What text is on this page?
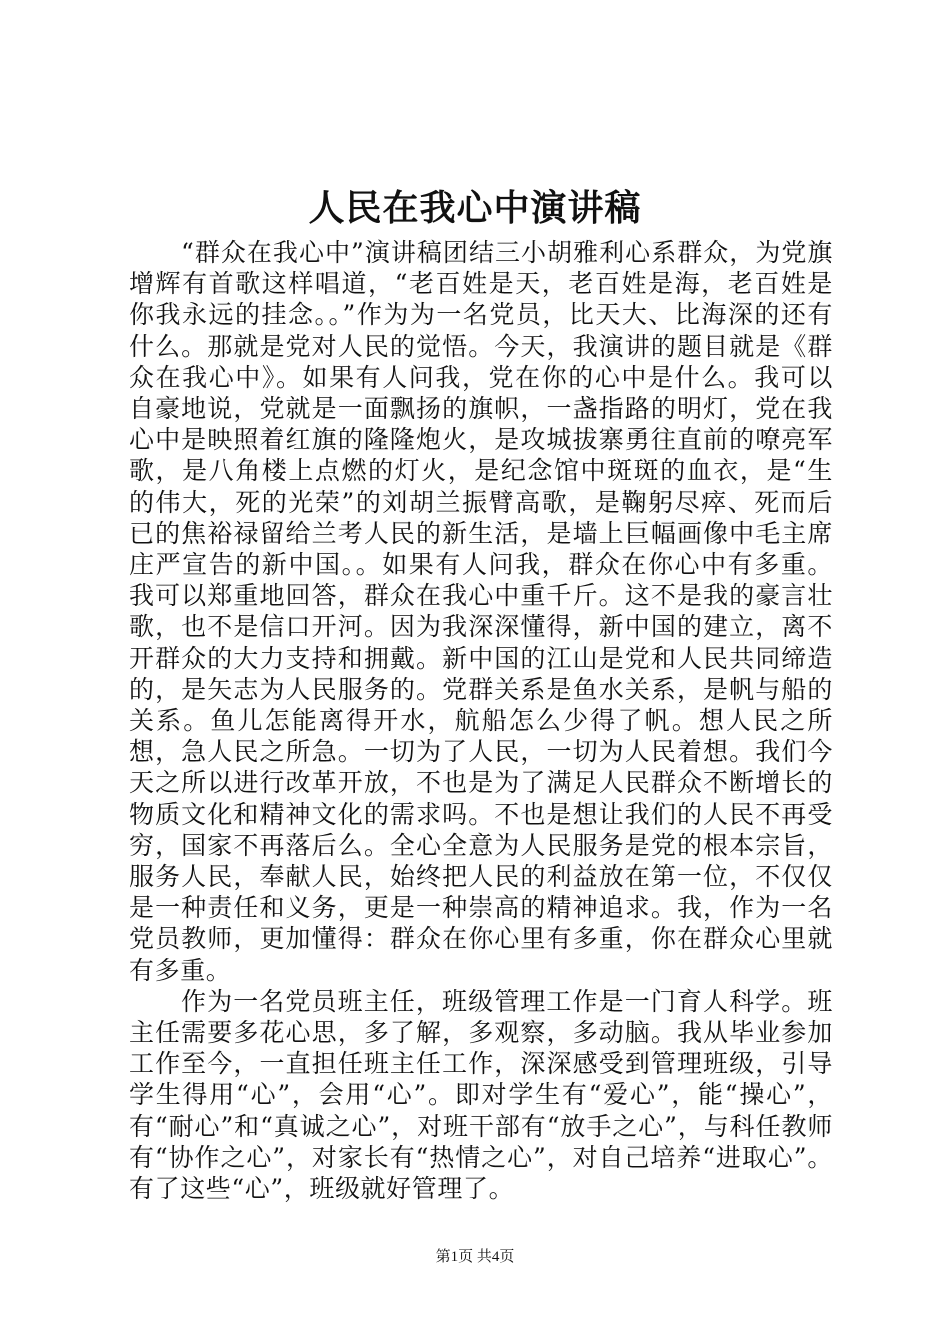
人民在我心中演讲稿

“群众在我心中”演讲稿团结三小胡雅利心系群众，为党旗增辉有首歌这样唱道，“老百姓是天，老百姓是海，老百姓是你我永远的挂念。。”作为为一名党员，比天大、比海深的还有什么。那就是党对人民的觉悟。今天，我演讲的题目就是《群众在我心中》。如果有人问我，党在你的心中是什么。我可以自豪地说，党就是一面飘扬的旗帜，一盏指路的明灯，党在我心中是映照着红旗的隆隆炮火，是攻城拔寨勇往直前的嘹亮军歌，是八角楼上点燃的灯火，是纪念馆中斑斑的血衣，是“生的伟大，死的光荣”的刘胡兰振臂高歌，是鞠躬尽瘁、死而后已的焦裕禄留给兰考人民的新生活，是墙上巨幅画像中毛主席庄严宣告的新中国。。如果有人问我，群众在你心中有多重。我可以郑重地回答，群众在我心中重千斤。这不是我的豪言壮歌，也不是信口开河。因为我深深懂得，新中国的建立，离不开群众的大力支持和拥戴。新中国的江山是党和人民共同缔造的，是矢志为人民服务的。党群关系是鱼水关系，是帆与船的关系。鱼儿怎能离得开水，航船怎么少得了帆。想人民之所想，急人民之所急。一切为了人民，一切为人民着想。我们今天之所以进行改革开放，不也是为了满足人民群众不断增长的物质文化和精神文化的需求吗。不也是想让我们的人民不再受穷，国家不再落后么。全心全意为人民服务是党的根本宗旨，服务人民，奉献人民，始终把人民的利益放在第一位，不仅仅是一种责任和义务，更是一种崇高的精神追求。我，作为一名党员教师，更加懂得：群众在你心里有多重，你在群众心里就有多重。

作为一名党员班主任，班级管理工作是一门育人科学。班主任需要多花心思，多了解，多观察，多动脑。我从毕业参加工作至今，一直担任班主任工作，深深感受到管理班级，引导学生得用“心”，会用“心”。即对学生有“爱心”，能“操心”，有“耐心”和“真诚之心”，对班干部有“放手之心”，与科任教师有“协作之心”，对家长有“热情之心”，对自己培养“进取心”。有了这些“心”，班级就好管理了。

第1页 共4页
